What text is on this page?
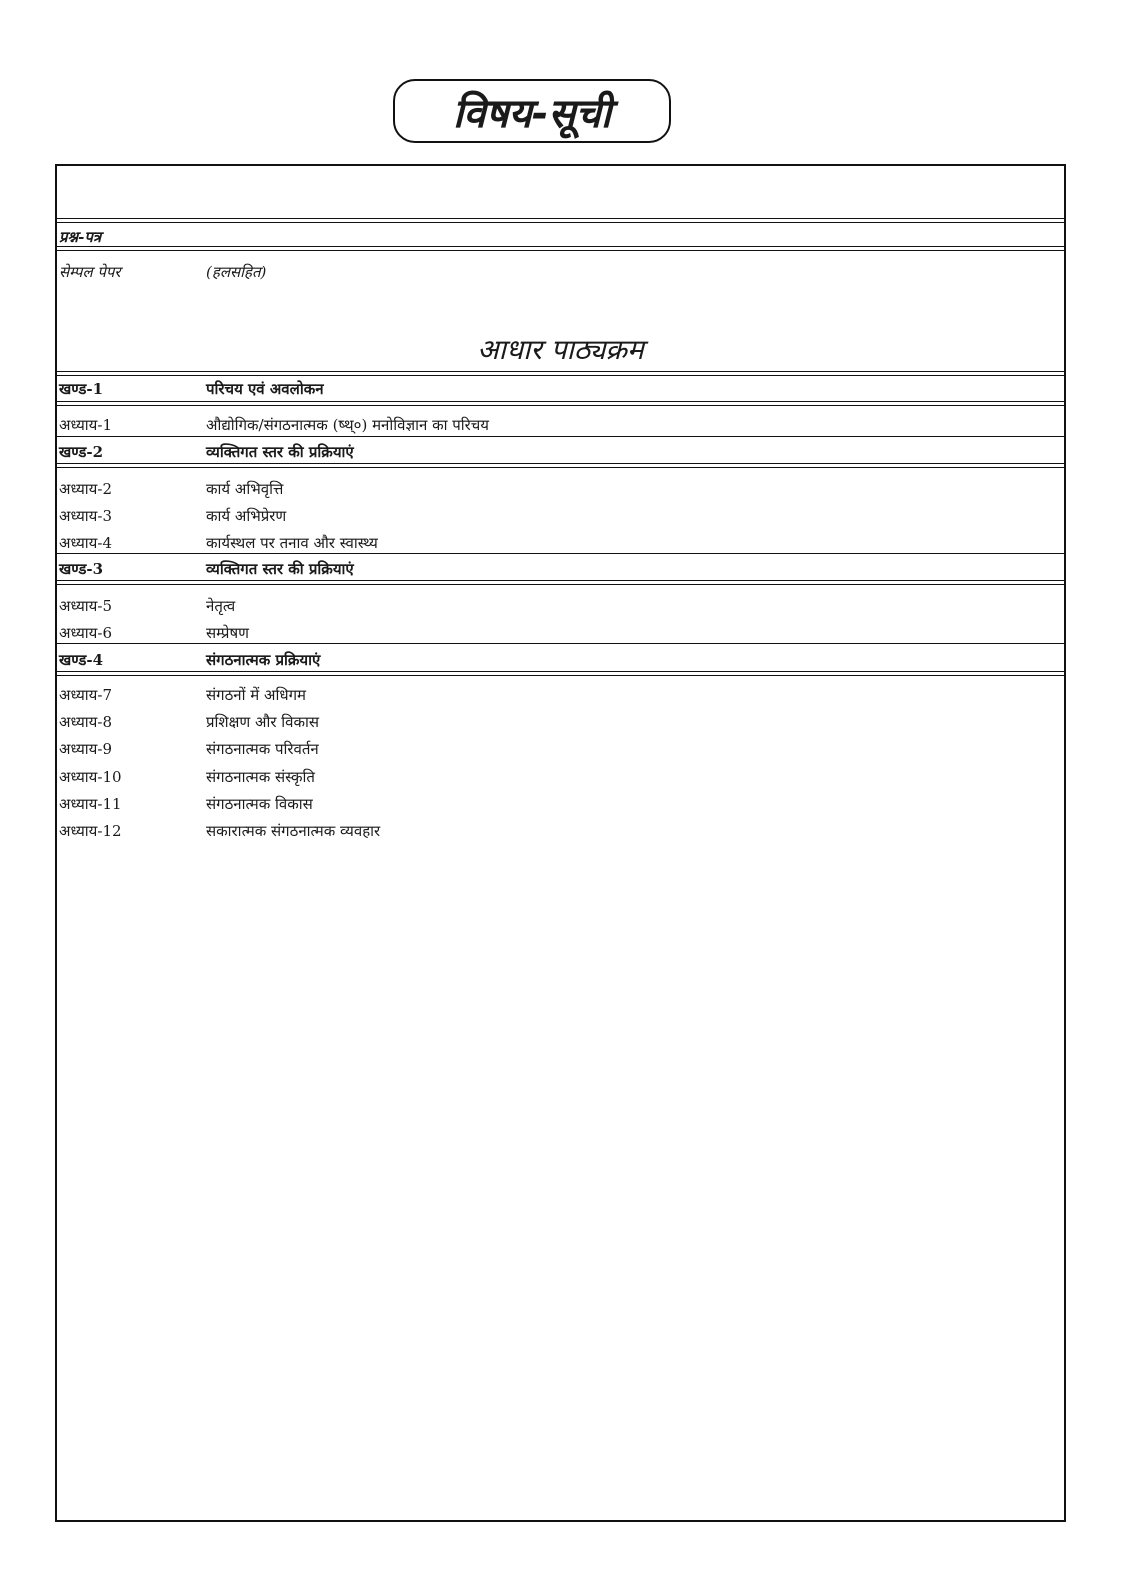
विषय-सूची
प्रश्न-पत्र
सेम्पल पेपर	(हलसहित)
आधार पाठ्यक्रम
खण्ड-1	परिचय एवं अवलोकन
अध्याय-1	औद्योगिक/संगठनात्मक (ष्थ्०) मनोविज्ञान का परिचय
खण्ड-2	व्यक्तिगत स्तर की प्रक्रियाएं
अध्याय-2	कार्य अभिवृत्ति
अध्याय-3	कार्य अभिप्रेरण
अध्याय-4	कार्यस्थल पर तनाव और स्वास्थ्य
खण्ड-3	व्यक्तिगत स्तर की प्रक्रियाएं
अध्याय-5	नेतृत्व
अध्याय-6	सम्प्रेषण
खण्ड-4	संगठनात्मक प्रक्रियाएं
अध्याय-7	संगठनों में अधिगम
अध्याय-8	प्रशिक्षण और विकास
अध्याय-9	संगठनात्मक परिवर्तन
अध्याय-10	संगठनात्मक संस्कृति
अध्याय-11	संगठनात्मक विकास
अध्याय-12	सकारात्मक संगठनात्मक व्यवहार
